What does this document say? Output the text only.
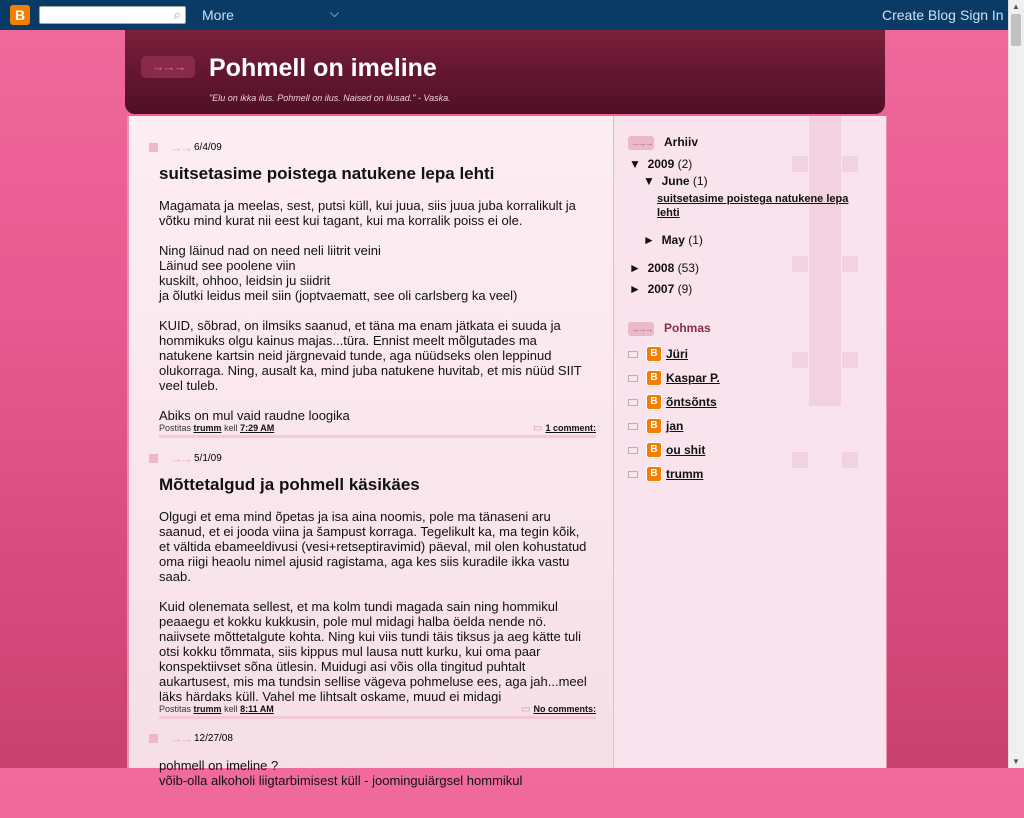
B	⌕ More	⌵	Create Blog Sign In
▲
▼
→→→ Pohmell on imeline
"Elu on ikka ilus. Pohmell on ilus. Naised on ilusad." - Vaska.
→→ 6/4/09
suitsetasime poistega natukene lepa lehti

Magamata ja meelas, sest, putsi küll, kui juua, siis juua juba korralikult ja võtku mind kurat nii eest kui tagant, kui ma korralik poiss ei ole.

Ning läinud nad on need neli liitrit veini
Läinud see poolene viin
kuskilt, ohhoo, leidsin ju siidrit
ja õlutki leidus meil siin (joptvaematt, see oli carlsberg ka veel)

KUID, sõbrad, on ilmsiks saanud, et täna ma enam jätkata ei suuda ja hommikuks olgu kainus majas...türa. Ennist meelt mõlgutades ma natukene kartsin neid järgnevaid tunde, aga nüüdseks olen leppinud olukorraga. Ning, ausalt ka, mind juba natukene huvitab, et mis nüüd SIIT veel tuleb.

Abiks on mul vaid raudne loogika

Postitas trumm kell 7:29 AM	▭ 1 comment:
→→ 5/1/09
Mõttetalgud ja pohmell käsikäes

Olgugi et ema mind õpetas ja isa aina noomis, pole ma tänaseni aru saanud, et ei jooda viina ja šampust korraga. Tegelikult ka, ma tegin kõik, et vältida ebameeldivusi (vesi+retseptiravimid) päeval, mil olen kohustatud oma riigi heaolu nimel ajusid ragistama, aga kes siis kuradile ikka vastu saab.

Kuid olenemata sellest, et ma kolm tundi magada sain ning hommikul peaaegu et kokku kukkusin, pole mul midagi halba öelda nende nö. naiivsete mõttetalgute kohta. Ning kui viis tundi täis tiksus ja aeg kätte tuli otsi kokku tõmmata, siis kippus mul lausa nutt kurku, kui oma paar konspektiivset sõna ütlesin. Muidugi asi võis olla tingitud puhtalt aukartusest, mis ma tundsin sellise vägeva pohmeluse ees, aga jah...meel läks härdaks küll. Vahel me lihtsalt oskame, muud ei midagi

Postitas trumm kell 8:11 AM	▭ No comments:
→→ 12/27/08

pohmell on imeline ?
võib-olla alkoholi liigtarbimisest küll - joominguiärgsel hommikul

→→→ Arhiiv
▼ 2009 (2)
▼ June (1)
suitsetasime poistega natukene lepa lehti
► May (1)
► 2008 (53)
► 2007 (9)
→→→ Pohmas
B Jüri
B Kaspar P.
B õntsõnts
B jan
B ou shit
B trumm
